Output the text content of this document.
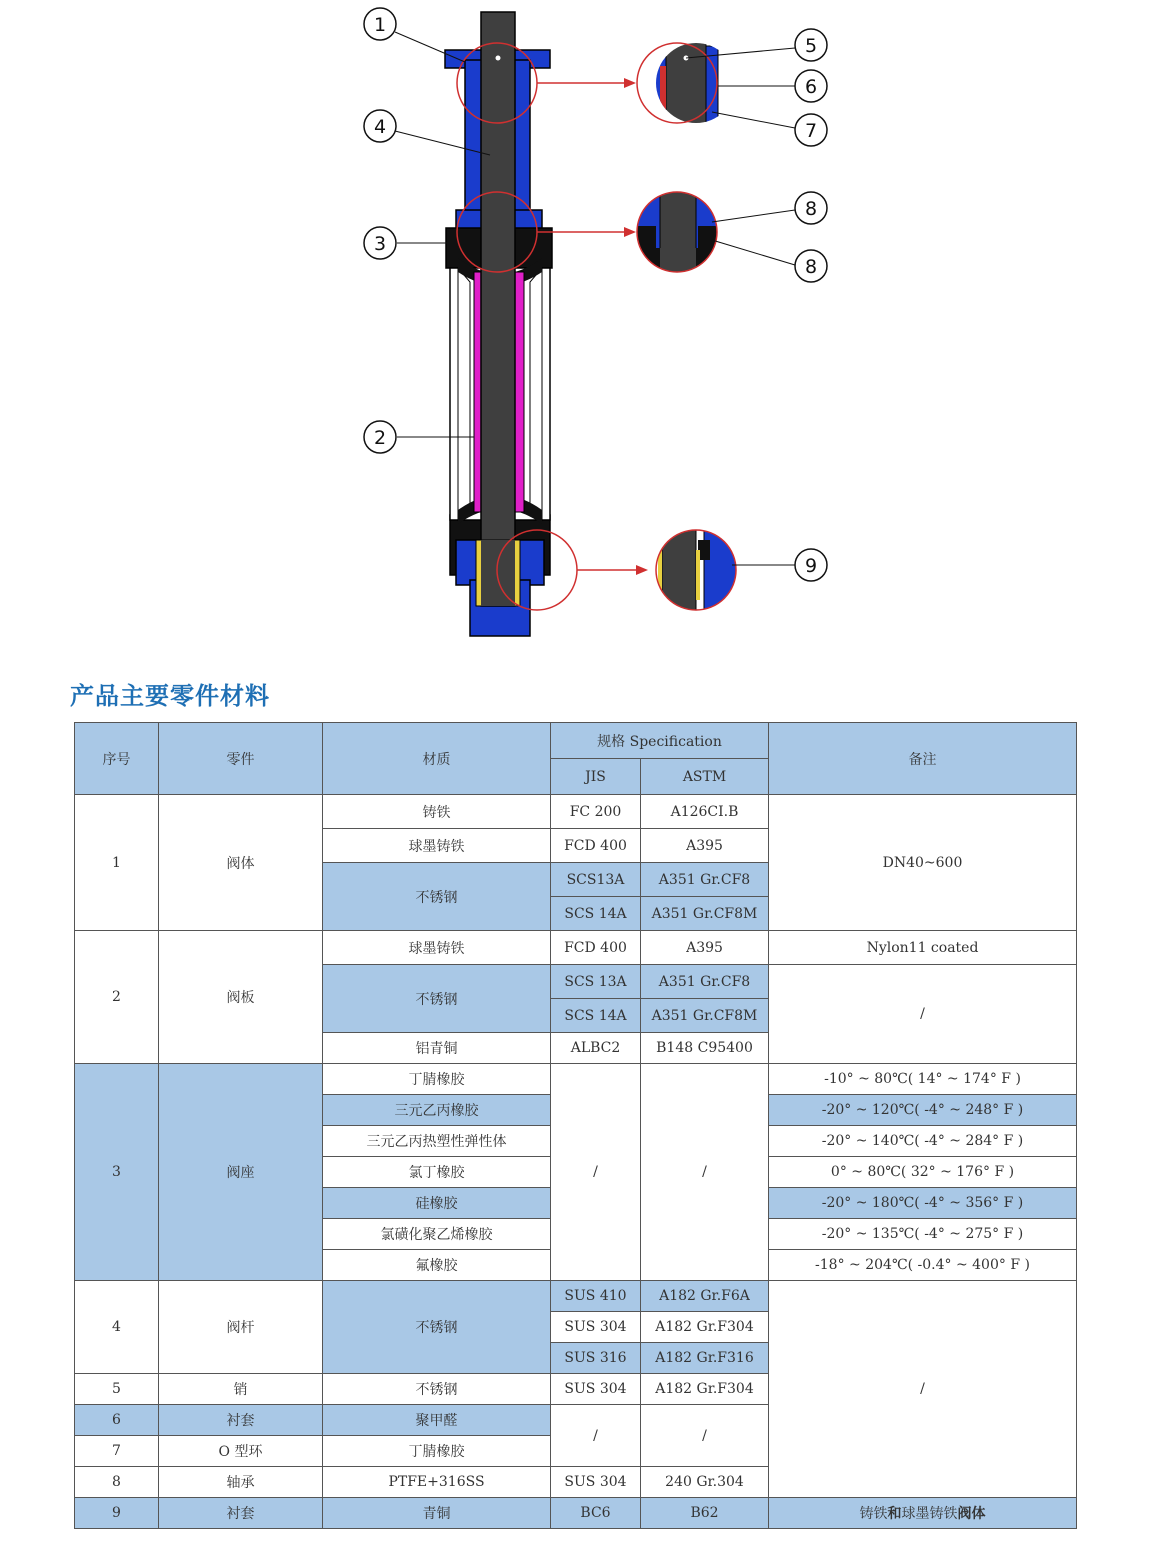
1
4
3
2
5
6
7
8
8
9
产品主要零件材料
序号	零件	材质	规格 Specification		备注
			JIS	ASTM	
1	阀体	铸铁	FC 200	A126CI.B	DN40~600
		球墨铸铁	FCD 400	A395	
		不锈钢	SCS13A	A351 Gr.CF8	
			SCS 14A	A351 Gr.CF8M	
2	阀板	球墨铸铁	FCD 400	A395	Nylon11 coated
		不锈钢	SCS 13A	A351 Gr.CF8	/
			SCS 14A	A351 Gr.CF8M	
		铝青铜	ALBC2	B148 C95400	
3	阀座	丁腈橡胶	/	/	-10° ~ 80℃( 14° ~ 174° F )
		三元乙丙橡胶			-20° ~ 120℃( -4° ~ 248° F )
		三元乙丙热塑性弹性体			-20° ~ 140℃( -4° ~ 284° F )
		氯丁橡胶			0° ~ 80℃( 32° ~ 176° F )
		硅橡胶			-20° ~ 180℃( -4° ~ 356° F )
		氯磺化聚乙烯橡胶			-20° ~ 135℃( -4° ~ 275° F )
		氟橡胶			-18° ~ 204℃( -0.4° ~ 400° F )
4	阀杆	不锈钢	SUS 410	A182 Gr.F6A	/
			SUS 304	A182 Gr.F304	
			SUS 316	A182 Gr.F316	
5	销	不锈钢	SUS 304	A182 Gr.F304	
6	衬套	聚甲醛	/	/	
7	O 型环	丁腈橡胶			
8	轴承	PTFE+316SS	SUS 304	240 Gr.304	
9	衬套	青铜	BC6	B62	铸铁和球墨铸铁阀体
